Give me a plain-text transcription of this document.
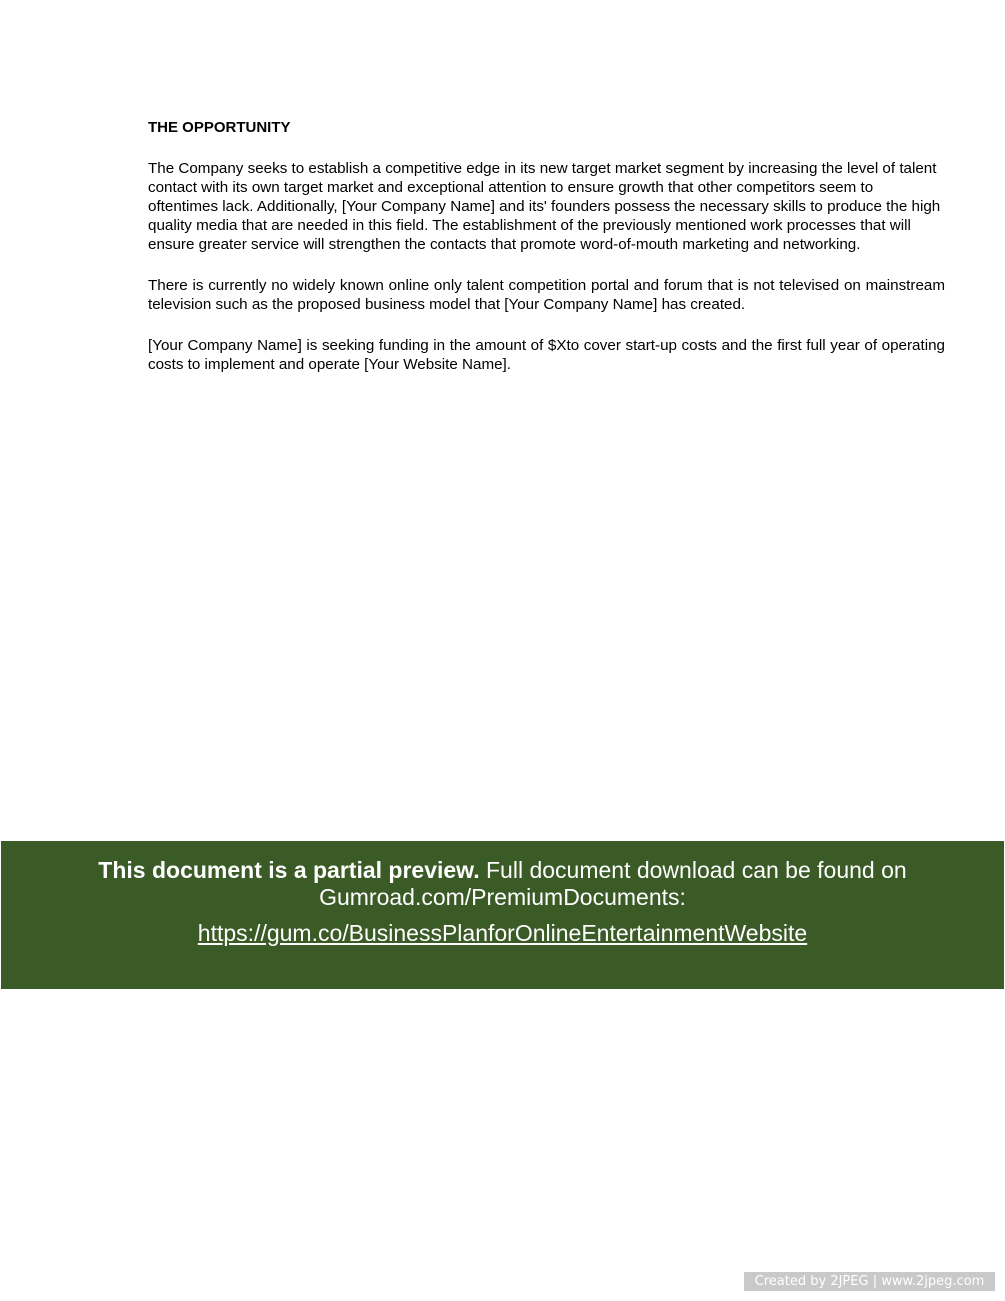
THE OPPORTUNITY
The Company seeks to establish a competitive edge in its new target market segment by increasing the level of talent contact with its own target market and exceptional attention to ensure growth that other competitors seem to oftentimes lack. Additionally, [Your Company Name] and its' founders possess the necessary skills to produce the high quality media that are needed in this field. The establishment of the previously mentioned work processes that will ensure greater service will strengthen the contacts that promote word-of-mouth marketing and networking.
There is currently no widely known online only talent competition portal and forum that is not televised on mainstream television such as the proposed business model that [Your Company Name] has created.
[Your Company Name] is seeking funding in the amount of $Xto cover start-up costs and the first full year of operating costs to implement and operate [Your Website Name].
This document is a partial preview. Full document download can be found on
Gumroad.com/PremiumDocuments:
https://gum.co/BusinessPlanforOnlineEntertainmentWebsite
Created by 2JPEG | www.2jpeg.com
